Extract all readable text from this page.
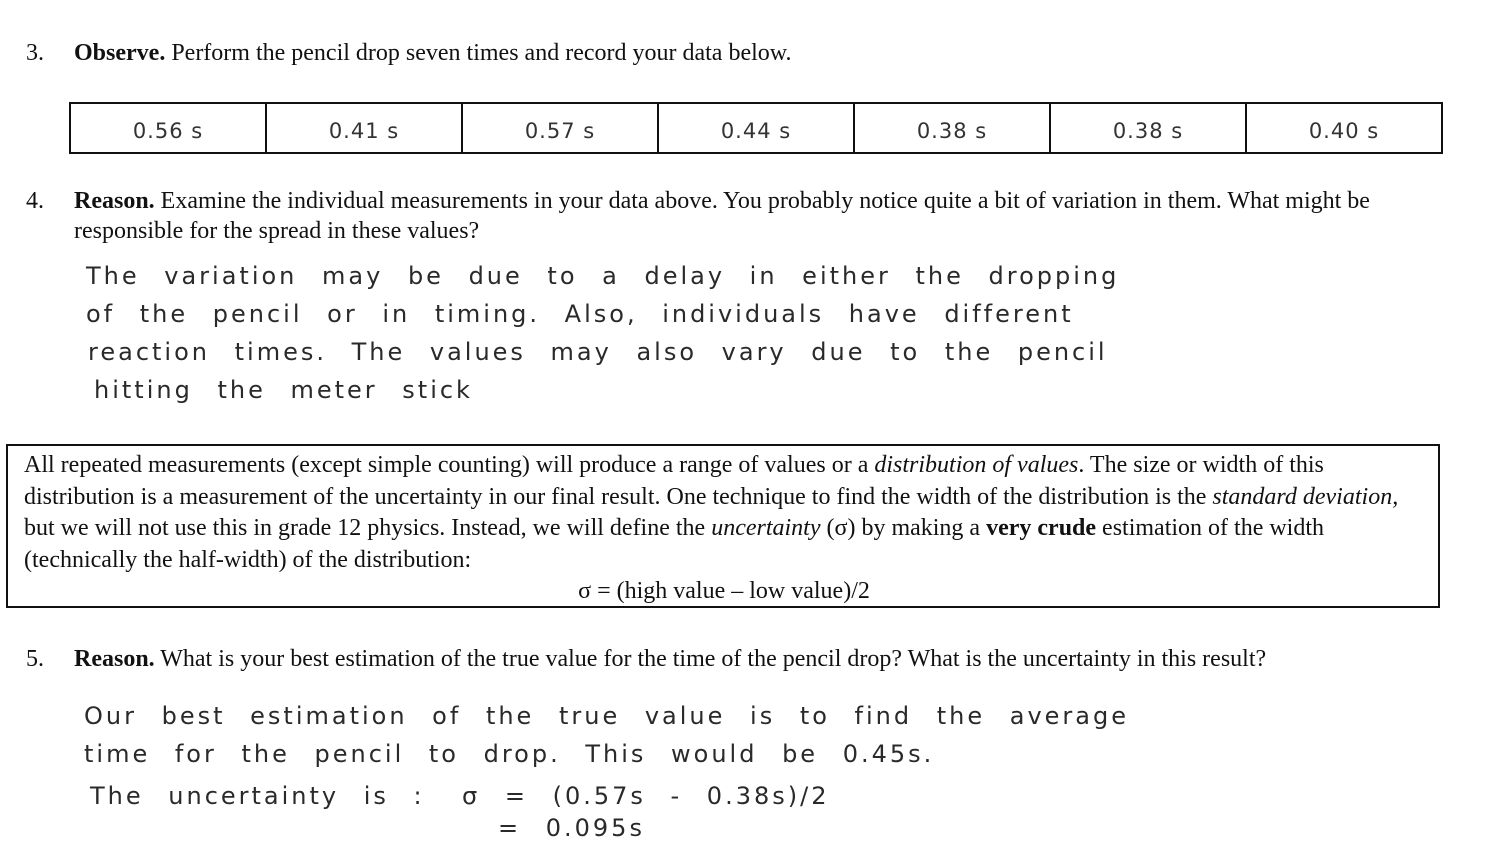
3. Observe. Perform the pencil drop seven times and record your data below.
0.56 s	0.41 s	0.57 s	0.44 s	0.38 s	0.38 s	0.40 s
4. Reason. Examine the individual measurements in your data above. You probably notice quite a bit of variation in them. What might be responsible for the spread in these values?
The variation may be due to a delay in either the dropping
of the pencil or in timing. Also, individuals have different
reaction times. The values may also vary due to the pencil
hitting the meter stick
All repeated measurements (except simple counting) will produce a range of values or a distribution of values. The size or width of this distribution is a measurement of the uncertainty in our final result. One technique to find the width of the distribution is the standard deviation, but we will not use this in grade 12 physics. Instead, we will define the uncertainty (σ) by making a very crude estimation of the width (technically the half-width) of the distribution:
σ = (high value – low value)/2
5. Reason. What is your best estimation of the true value for the time of the pencil drop? What is the uncertainty in this result?
Our best estimation of the true value is to find the average
time for the pencil to drop. This would be 0.45s.
The uncertainty is : σ = (0.57s - 0.38s)/2
= 0.095s
